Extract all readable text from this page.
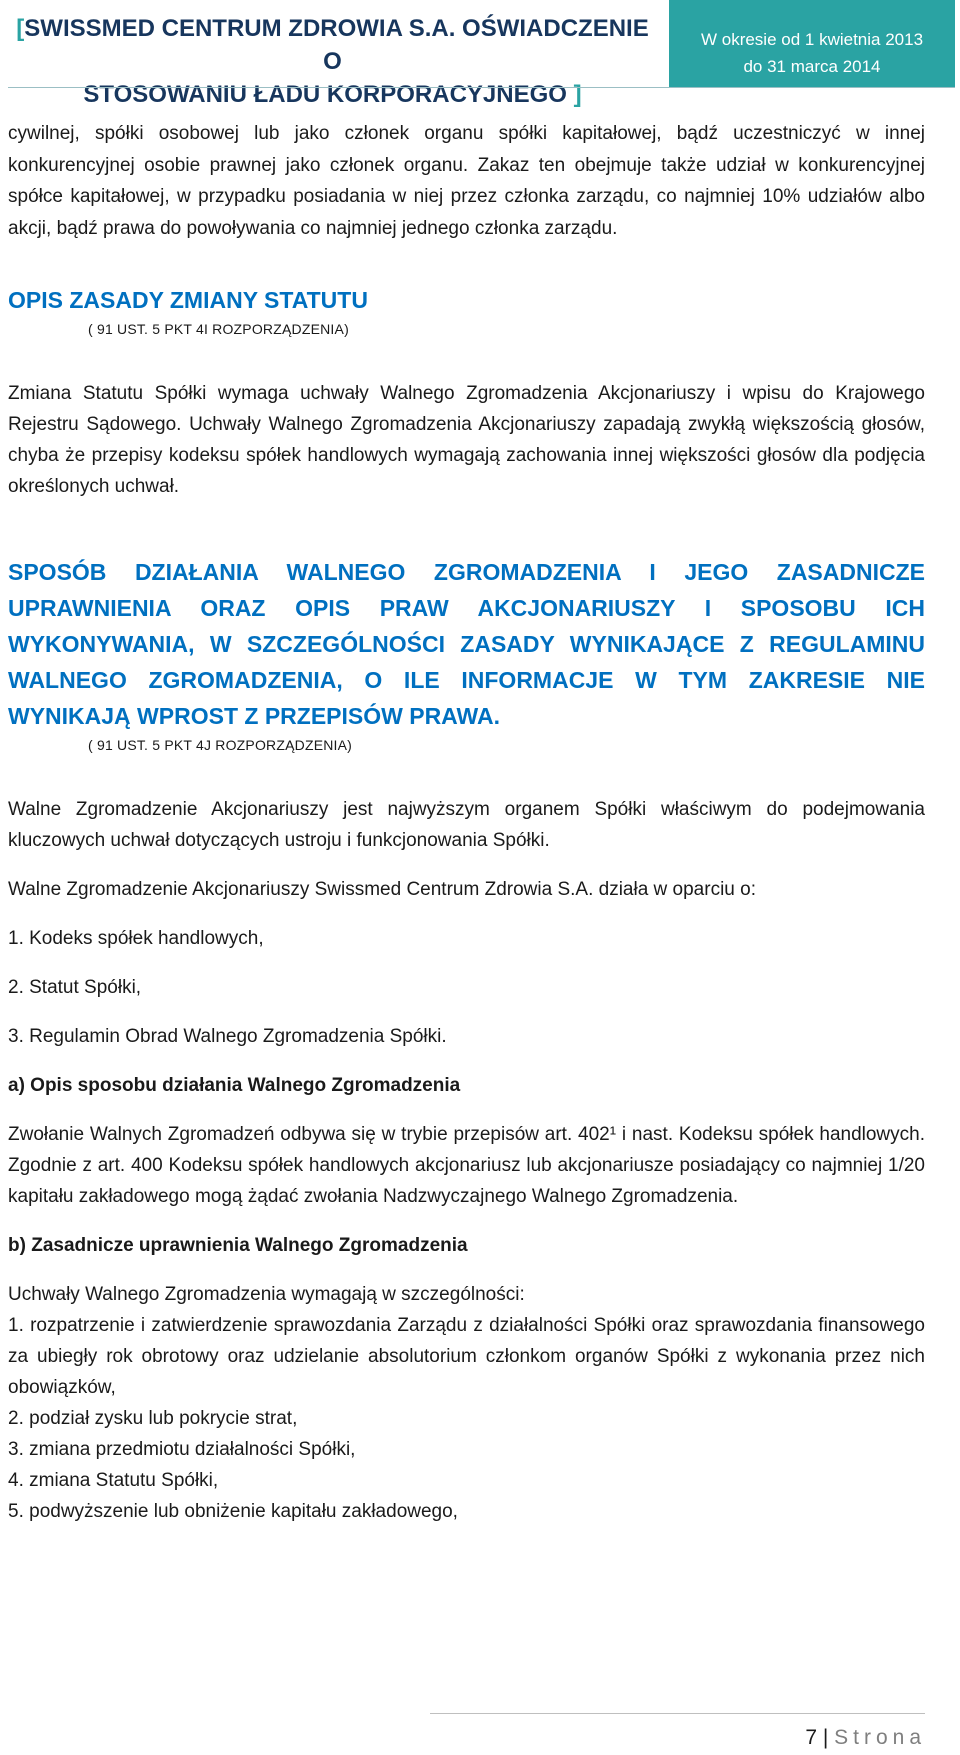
[SWISSMED CENTRUM ZDROWIA S.A. OŚWIADCZENIE O
STOSOWANIU ŁADU KORPORACYJNEGO ]
W okresie od 1 kwietnia 2013
do 31 marca 2014

cywilnej, spółki osobowej lub jako członek organu spółki kapitałowej, bądź uczestniczyć w innej konkurencyjnej osobie prawnej jako członek organu. Zakaz ten obejmuje także udział w konkurencyjnej spółce kapitałowej, w przypadku posiadania w niej przez członka zarządu, co najmniej 10% udziałów albo akcji, bądź prawa do powoływania co najmniej jednego członka zarządu.

OPIS ZASADY ZMIANY STATUTU

( 91 UST. 5 PKT 4I ROZPORZĄDZENIA)

Zmiana Statutu Spółki wymaga uchwały Walnego Zgromadzenia Akcjonariuszy i wpisu do Krajowego Rejestru Sądowego. Uchwały Walnego Zgromadzenia Akcjonariuszy zapadają zwykłą większością głosów, chyba że przepisy kodeksu spółek handlowych wymagają zachowania innej większości głosów dla podjęcia określonych uchwał.

SPOSÓB DZIAŁANIA WALNEGO ZGROMADZENIA I JEGO ZASADNICZE UPRAWNIENIA ORAZ OPIS PRAW AKCJONARIUSZY I SPOSOBU ICH WYKONYWANIA, W SZCZEGÓLNOŚCI ZASADY WYNIKAJĄCE Z REGULAMINU WALNEGO ZGROMADZENIA, O ILE INFORMACJE W TYM ZAKRESIE NIE WYNIKAJĄ WPROST Z PRZEPISÓW PRAWA.

( 91 UST. 5 PKT 4J ROZPORZĄDZENIA)

Walne Zgromadzenie Akcjonariuszy jest najwyższym organem Spółki właściwym do podejmowania kluczowych uchwał dotyczących ustroju i funkcjonowania Spółki.

Walne Zgromadzenie Akcjonariuszy Swissmed Centrum Zdrowia S.A. działa w oparciu o:

1. Kodeks spółek handlowych,

2. Statut Spółki,

3. Regulamin Obrad Walnego Zgromadzenia Spółki.

a) Opis sposobu działania Walnego Zgromadzenia

Zwołanie Walnych Zgromadzeń odbywa się w trybie przepisów art. 402¹ i nast. Kodeksu spółek handlowych. Zgodnie z art. 400 Kodeksu spółek handlowych akcjonariusz lub akcjonariusze posiadający co najmniej 1/20 kapitału zakładowego mogą żądać zwołania Nadzwyczajnego Walnego Zgromadzenia.

b) Zasadnicze uprawnienia Walnego Zgromadzenia

Uchwały Walnego Zgromadzenia wymagają w szczególności:

1. rozpatrzenie i zatwierdzenie sprawozdania Zarządu z działalności Spółki oraz sprawozdania finansowego za ubiegły rok obrotowy oraz udzielanie absolutorium członkom organów Spółki z wykonania przez nich obowiązków,

2. podział zysku lub pokrycie strat,

3. zmiana przedmiotu działalności Spółki,

4. zmiana Statutu Spółki,

5. podwyższenie lub obniżenie kapitału zakładowego,

7 | Strona
